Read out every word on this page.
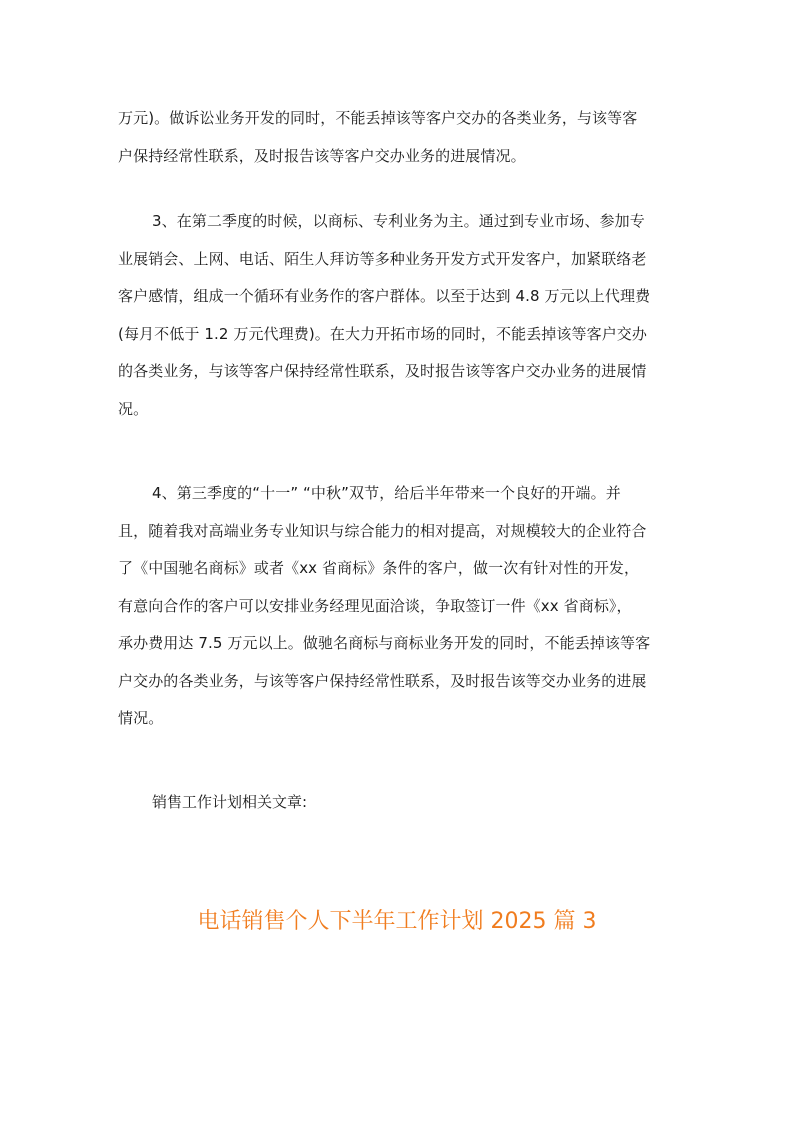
万元)。做诉讼业务开发的同时，不能丢掉该等客户交办的各类业务，与该等客
户保持经常性联系，及时报告该等客户交办业务的进展情况。
3、在第二季度的时候，以商标、专利业务为主。通过到专业市场、参加专
业展销会、上网、电话、陌生人拜访等多种业务开发方式开发客户，加紧联络老
客户感情，组成一个循环有业务作的客户群体。以至于达到 4.8 万元以上代理费
(每月不低于 1.2 万元代理费)。在大力开拓市场的同时，不能丢掉该等客户交办
的各类业务，与该等客户保持经常性联系，及时报告该等客户交办业务的进展情
况。
4、第三季度的“十一” “中秋”双节，给后半年带来一个良好的开端。并
且，随着我对高端业务专业知识与综合能力的相对提高，对规模较大的企业符合
了《中国驰名商标》或者《xx 省商标》条件的客户，做一次有针对性的开发，
有意向合作的客户可以安排业务经理见面洽谈，争取签订一件《xx 省商标》，
承办费用达 7.5 万元以上。做驰名商标与商标业务开发的同时，不能丢掉该等客
户交办的各类业务，与该等客户保持经常性联系，及时报告该等交办业务的进展
情况。

销售工作计划相关文章:

电话销售个人下半年工作计划 2025 篇 3
